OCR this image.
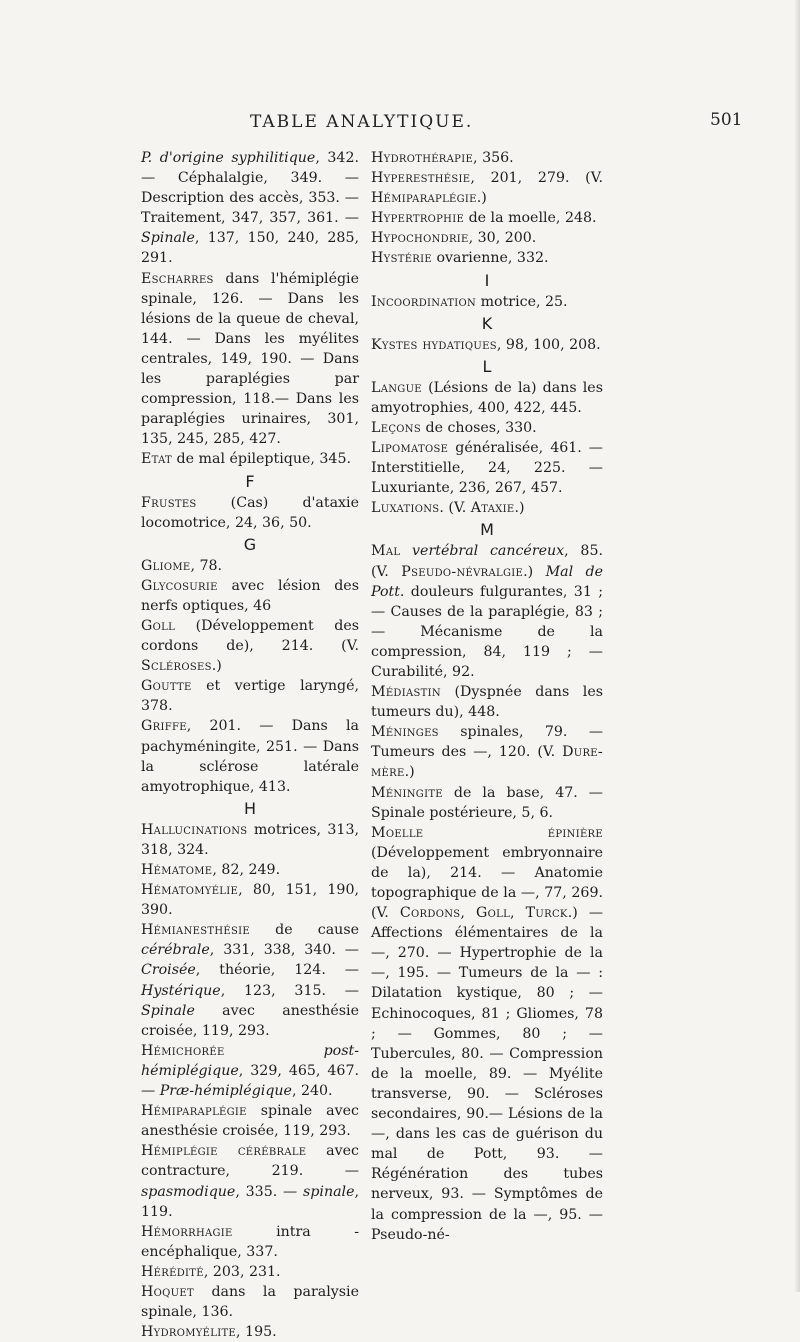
TABLE ANALYTIQUE.	501
P. d'origine syphilitique, 342. — Céphalalgie, 349. — Description des accès, 353. — Traitement, 347, 357, 361. — Spinale, 137, 150, 240, 285, 291.
Escharres dans l'hémiplégie spinale, 126. — Dans les lésions de la queue de cheval, 144. — Dans les myélites centrales, 149, 190. — Dans les paraplégies par compression, 118.— Dans les paraplégies urinaires, 301, 135, 245, 285, 427.
Etat de mal épileptique, 345.
F
Frustes (Cas) d'ataxie locomotrice, 24, 36, 50.
G
Gliome, 78.
Glycosurie avec lésion des nerfs optiques, 46
Goll (Développement des cordons de), 214. (V. Scléroses.)
Goutte et vertige laryngé, 378.
Griffe, 201. — Dans la pachyméningite, 251. — Dans la sclérose latérale amyotrophique, 413.
H
Hallucinations motrices, 313, 318, 324.
Hématome, 82, 249.
Hématomyélie, 80, 151, 190, 390.
Hémianesthésie de cause cérébrale, 331, 338, 340. — Croisée, théorie, 124. — Hystérique, 123, 315. — Spinale avec anesthésie croisée, 119, 293.
Hémichorée	post-hémiplégique, 329, 465, 467. — Præ-hémiplégique, 240.
Hémiparaplégie spinale avec anesthésie croisée, 119, 293.
Hémiplégie cérébrale avec contracture, 219. — spasmodique, 335. — spinale, 119.
Hémorrhagie intra - encéphalique, 337.
Hérédité, 203, 231.
Hoquet dans la paralysie spinale, 136.
Hydromyélite, 195.
Hydrothérapie, 356.
Hyperesthésie, 201, 279. (V. Hémiparaplégie.)
Hypertrophie de la moelle, 248.
Hypochondrie, 30, 200.
Hystérie ovarienne, 332.
I
Incoordination motrice, 25.
K
Kystes hydatiques, 98, 100, 208.
L
Langue (Lésions de la) dans les amyotrophies, 400, 422, 445.
Leçons de choses, 330.
Lipomatose généralisée, 461. — Interstitielle, 24, 225. — Luxuriante, 236, 267, 457.
Luxations. (V. Ataxie.)
M
Mal vertébral cancéreux, 85. (V. Pseudo-névralgie.) Mal de Pott. douleurs fulgurantes, 31 ; — Causes de la paraplégie, 83 ; — Mécanisme de la compression, 84, 119 ; — Curabilité, 92.
Médiastin (Dyspnée dans les tumeurs du), 448.
Méninges spinales, 79. — Tumeurs des —, 120. (V. Dure-mère.)
Méningite de la base, 47. — Spinale postérieure, 5, 6.
Moelle épinière (Développement embryonnaire de la), 214. — Anatomie topographique de la —, 77, 269. (V. Cordons, Goll, Turck.) — Affections élémentaires de la —, 270. — Hypertrophie de la —, 195. — Tumeurs de la — : Dilatation kystique, 80 ; — Echinocoques, 81 ; Gliomes, 78 ; — Gommes, 80 ; — Tubercules, 80. — Compression de la moelle, 89. — Myélite transverse, 90. — Scléroses secondaires, 90.— Lésions de la —, dans les cas de guérison du mal de Pott, 93. — Régénération des tubes nerveux, 93. — Symptômes de la compression de la —, 95. — Pseudo-né-
